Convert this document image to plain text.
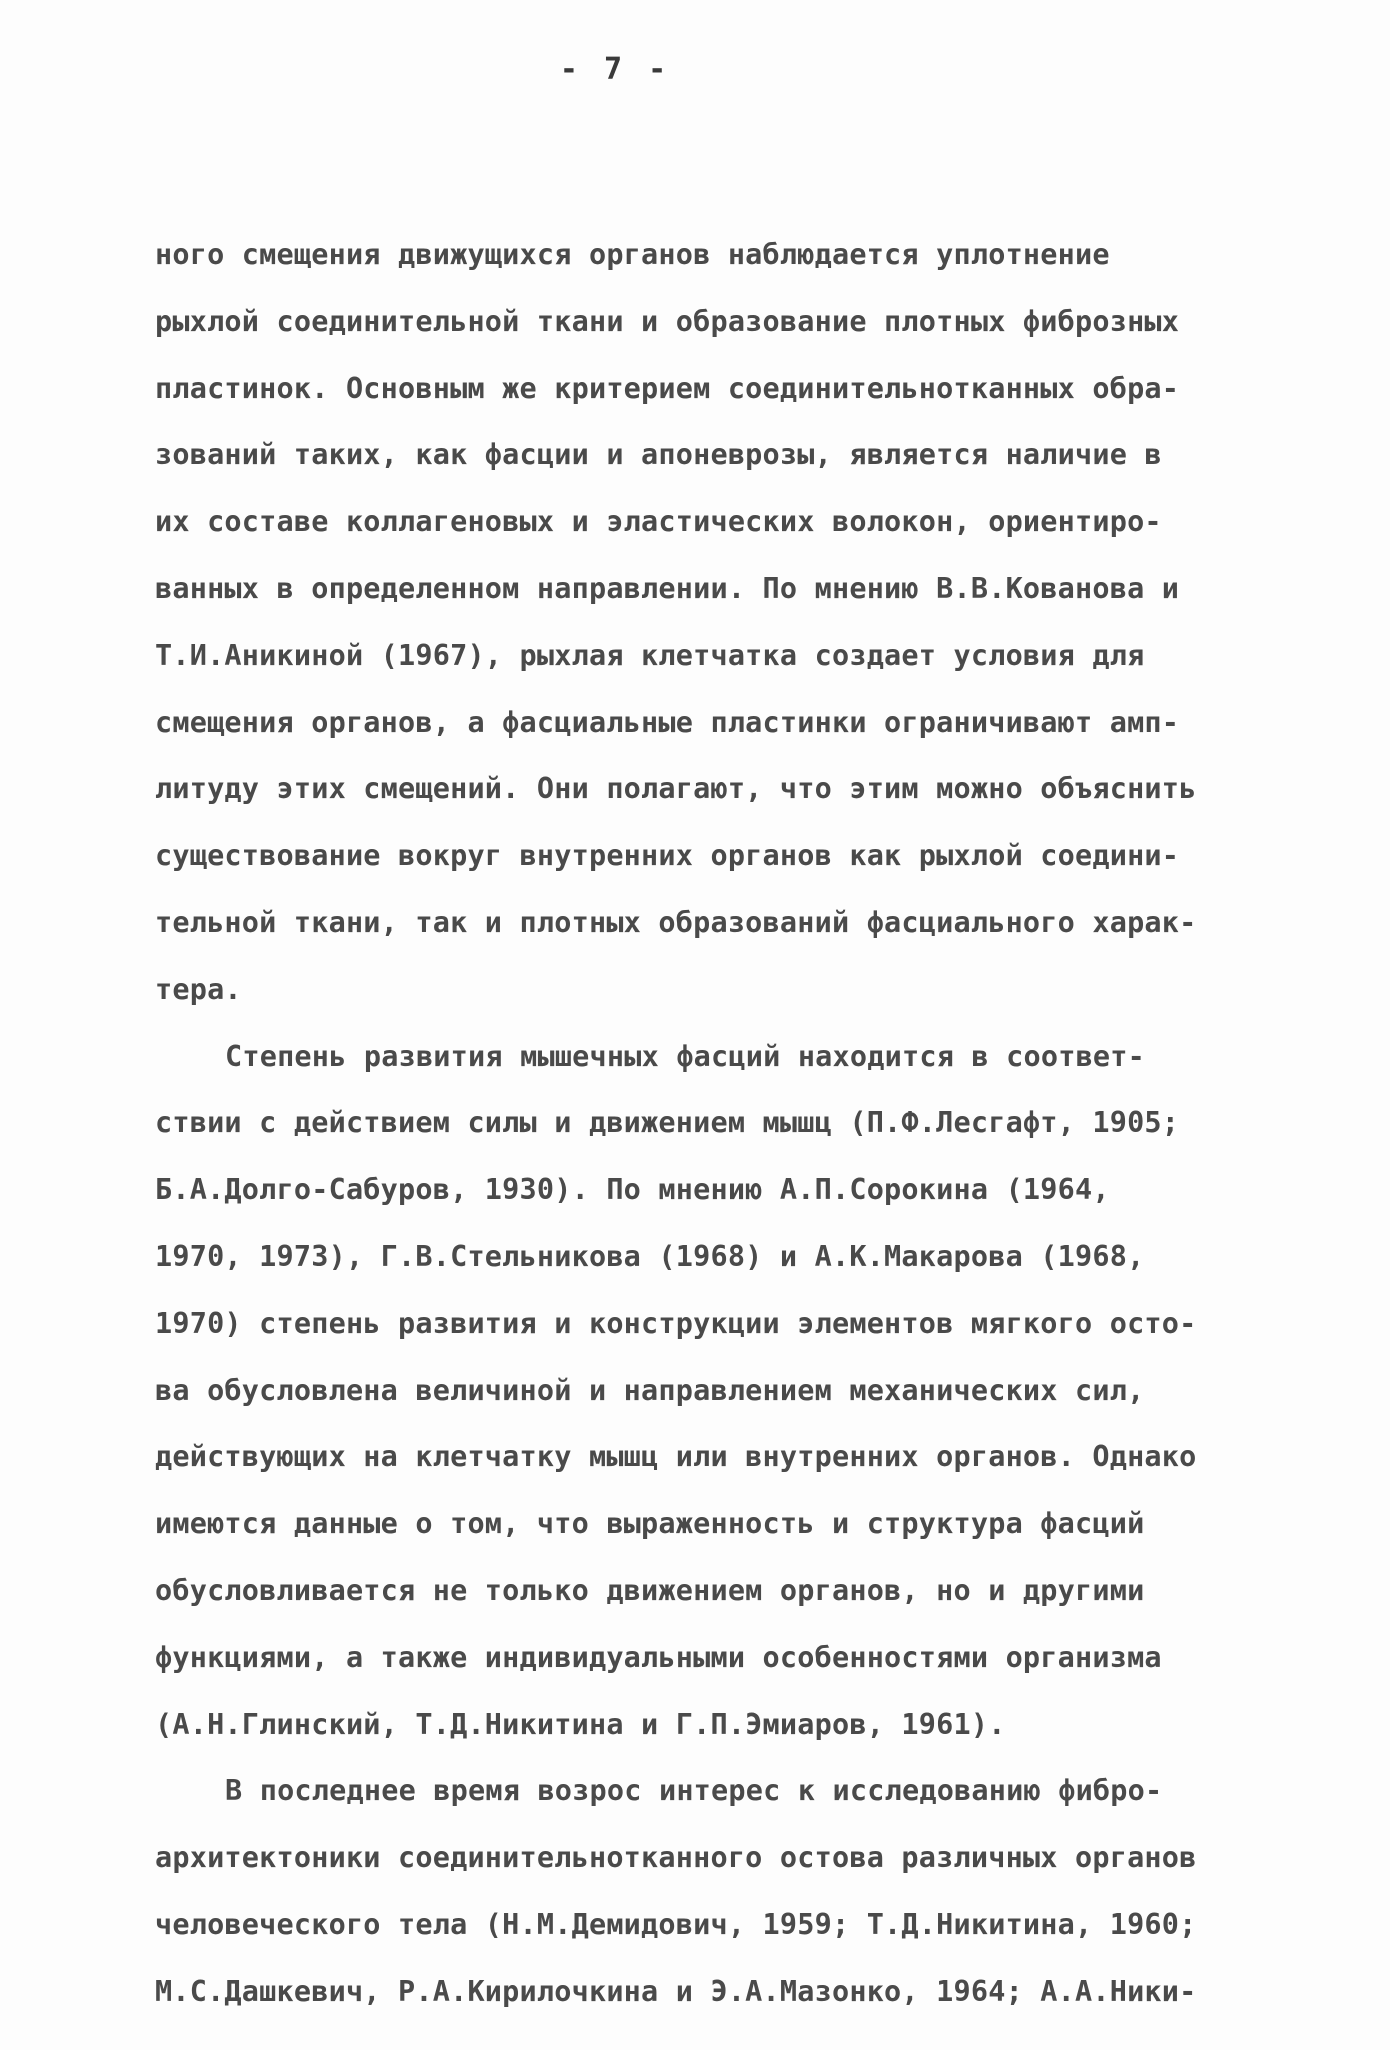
- 7 -
ного смещения движущихся органов наблюдается уплотнение
рыхлой соединительной ткани и образование плотных фиброзных
пластинок. Основным же критерием соединительнотканных обра-
зований таких, как фасции и апоневрозы, является наличие в
их составе коллагеновых и эластических волокон, ориентиро-
ванных в определенном направлении. По мнению В.В.Кованова и
Т.И.Аникиной (1967), рыхлая клетчатка создает условия для
смещения органов, а фасциальные пластинки ограничивают амп-
литуду этих смещений. Они полагают, что этим можно объяснить
существование вокруг внутренних органов как рыхлой соедини-
тельной ткани, так и плотных образований фасциального харак-
тера.
Степень развития мышечных фасций находится в соответ-
ствии с действием силы и движением мышц (П.Ф.Лесгафт, 1905;
Б.А.Долго-Сабуров, 1930). По мнению А.П.Сорокина (1964,
1970, 1973), Г.В.Стельникова (1968) и А.К.Макарова (1968,
1970) степень развития и конструкции элементов мягкого осто-
ва обусловлена величиной и направлением механических сил,
действующих на клетчатку мышц или внутренних органов. Однако
имеются данные о том, что выраженность и структура фасций
обусловливается не только движением органов, но и другими
функциями, а также индивидуальными особенностями организма
(А.Н.Глинский, Т.Д.Никитина и Г.П.Эмиаров, 1961).
В последнее время возрос интерес к исследованию фибро-
архитектоники соединительнотканного остова различных органов
человеческого тела (Н.М.Демидович, 1959; Т.Д.Никитина, 1960;
М.С.Дашкевич, Р.А.Кирилочкина и Э.А.Мазонко, 1964; А.А.Ники-
